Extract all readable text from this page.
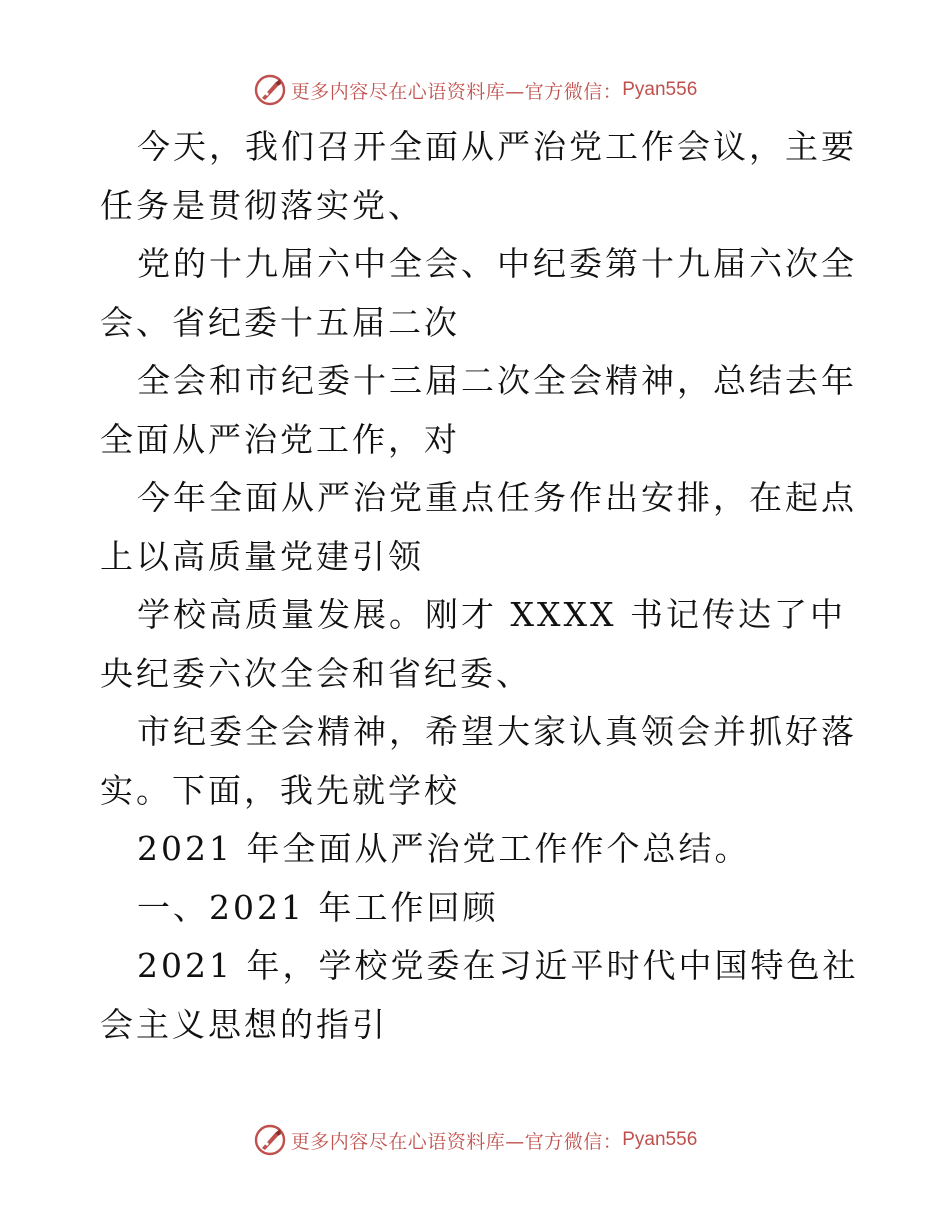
更多内容尽在心语资料库—官方微信： Pyan556

今天，我们召开全面从严治党工作会议，主要任务是贯彻落实党、

党的十九届六中全会、中纪委第十九届六次全会、省纪委十五届二次

全会和市纪委十三届二次全会精神，总结去年全面从严治党工作，对

今年全面从严治党重点任务作出安排，在起点上以高质量党建引领

学校高质量发展。刚才 XXXX 书记传达了中央纪委六次全会和省纪委、

市纪委全会精神，希望大家认真领会并抓好落实。下面，我先就学校

2021 年全面从严治党工作作个总结。

一、2021 年工作回顾

2021 年，学校党委在习近平时代中国特色社会主义思想的指引

更多内容尽在心语资料库—官方微信： Pyan556
